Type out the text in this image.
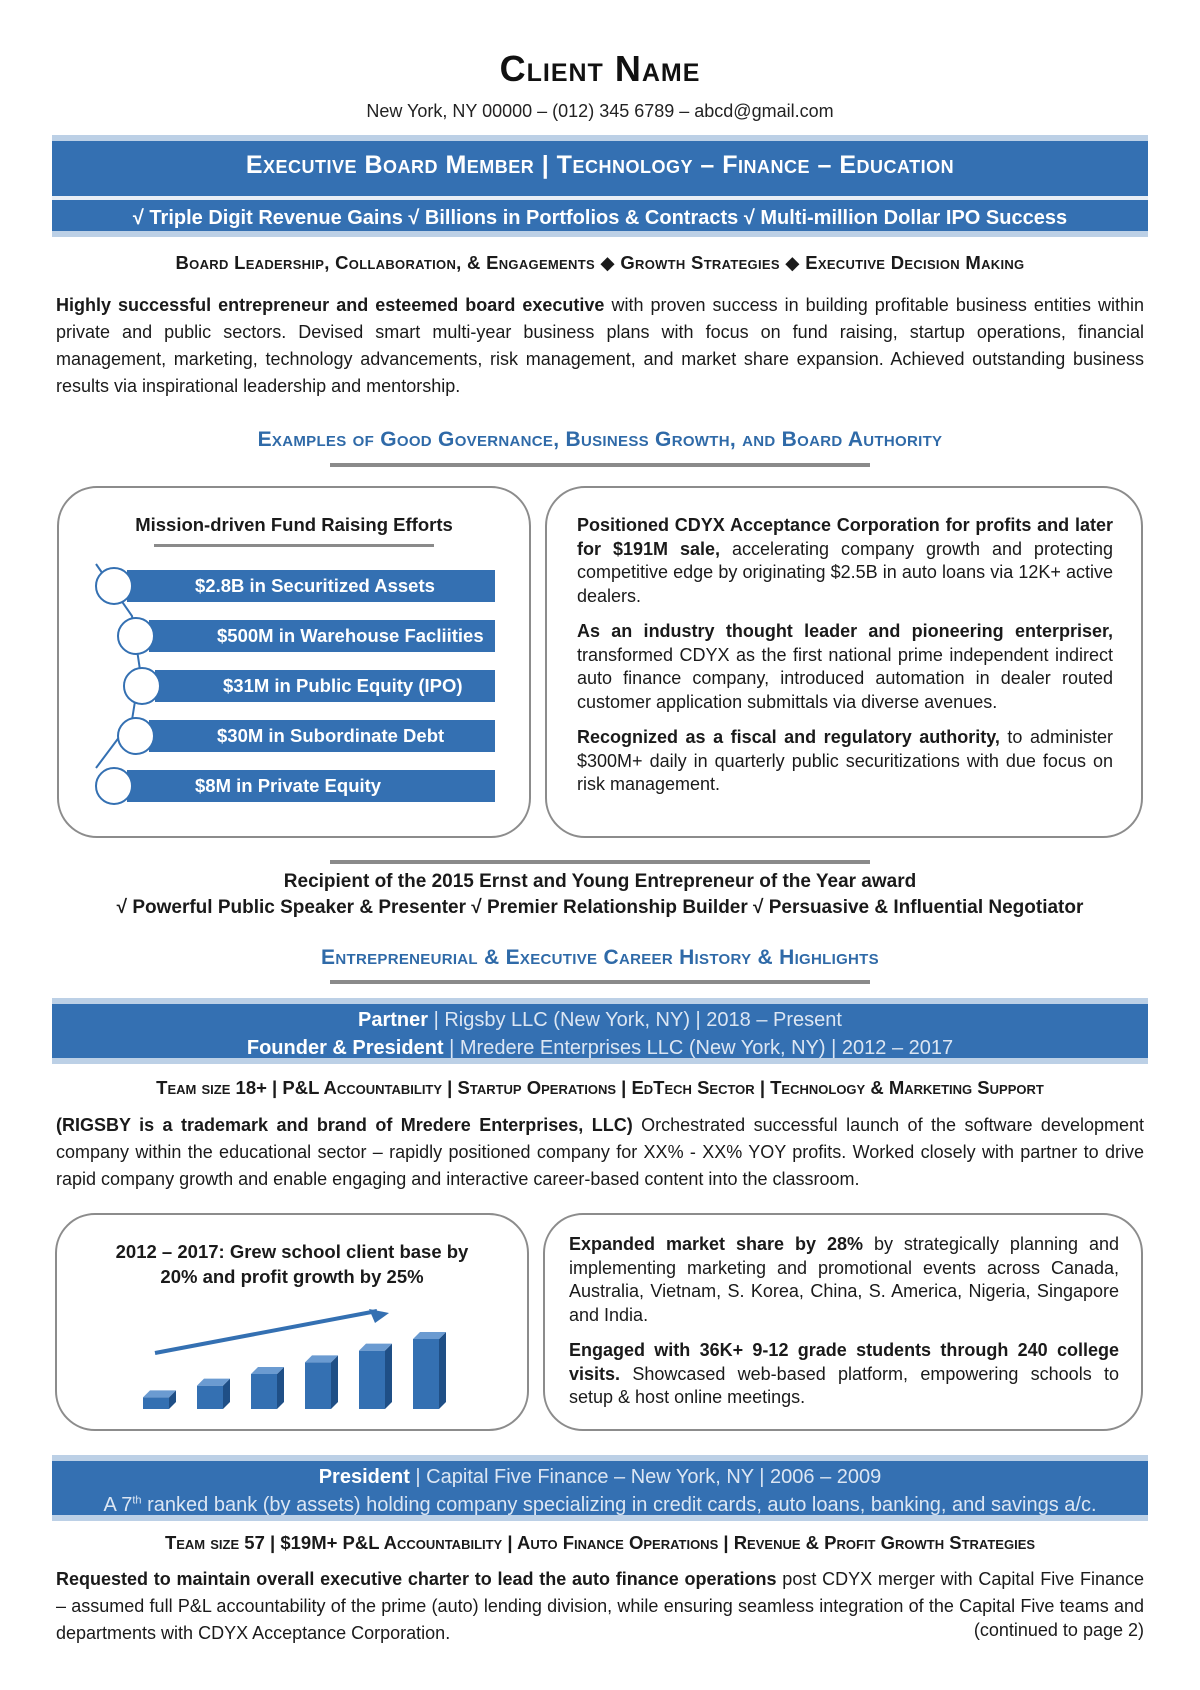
Client Name
New York, NY 00000 – (012) 345 6789 – abcd@gmail.com
Executive Board Member | Technology – Finance – Education
√ Triple Digit Revenue Gains √ Billions in Portfolios & Contracts √ Multi-million Dollar IPO Success
Board Leadership, Collaboration, & Engagements ◆ Growth Strategies ◆ Executive Decision Making
Highly successful entrepreneur and esteemed board executive with proven success in building profitable business entities within private and public sectors. Devised smart multi-year business plans with focus on fund raising, startup operations, financial management, marketing, technology advancements, risk management, and market share expansion. Achieved outstanding business results via inspirational leadership and mentorship.
Examples of Good Governance, Business Growth, and Board Authority
Mission-driven Fund Raising Efforts
$2.8B in Securitized Assets
$500M in Warehouse Facliities
$31M in Public Equity (IPO)
$30M in Subordinate Debt
$8M in Private Equity

Positioned CDYX Acceptance Corporation for profits and later for $191M sale, accelerating company growth and protecting competitive edge by originating $2.5B in auto loans via 12K+ active dealers.

As an industry thought leader and pioneering enterpriser, transformed CDYX as the first national prime independent indirect auto finance company, introduced automation in dealer routed customer application submittals via diverse avenues.

Recognized as a fiscal and regulatory authority, to administer $300M+ daily in quarterly public securitizations with due focus on risk management.

Recipient of the 2015 Ernst and Young Entrepreneur of the Year award
√ Powerful Public Speaker & Presenter √ Premier Relationship Builder √ Persuasive & Influential Negotiator
Entrepreneurial & Executive Career History & Highlights
Partner | Rigsby LLC (New York, NY) | 2018 – Present
Founder & President | Mredere Enterprises LLC (New York, NY) | 2012 – 2017
Team size 18+ | P&L Accountability | Startup Operations | EdTech Sector | Technology & Marketing Support
(RIGSBY is a trademark and brand of Mredere Enterprises, LLC) Orchestrated successful launch of the software development company within the educational sector – rapidly positioned company for XX% - XX% YOY profits. Worked closely with partner to drive rapid company growth and enable engaging and interactive career-based content into the classroom.
2012 – 2017: Grew school client base by 20% and profit growth by 25%

Expanded market share by 28% by strategically planning and implementing marketing and promotional events across Canada, Australia, Vietnam, S. Korea, China, S. America, Nigeria, Singapore and India.

Engaged with 36K+ 9-12 grade students through 240 college visits. Showcased web-based platform, empowering schools to setup & host online meetings.

President | Capital Five Finance – New York, NY | 2006 – 2009
A 7th ranked bank (by assets) holding company specializing in credit cards, auto loans, banking, and savings a/c.
Team size 57 | $19M+ P&L Accountability | Auto Finance Operations | Revenue & Profit Growth Strategies
Requested to maintain overall executive charter to lead the auto finance operations post CDYX merger with Capital Five Finance – assumed full P&L accountability of the prime (auto) lending division, while ensuring seamless integration of the Capital Five teams and departments with CDYX Acceptance Corporation.	(continued to page 2)
